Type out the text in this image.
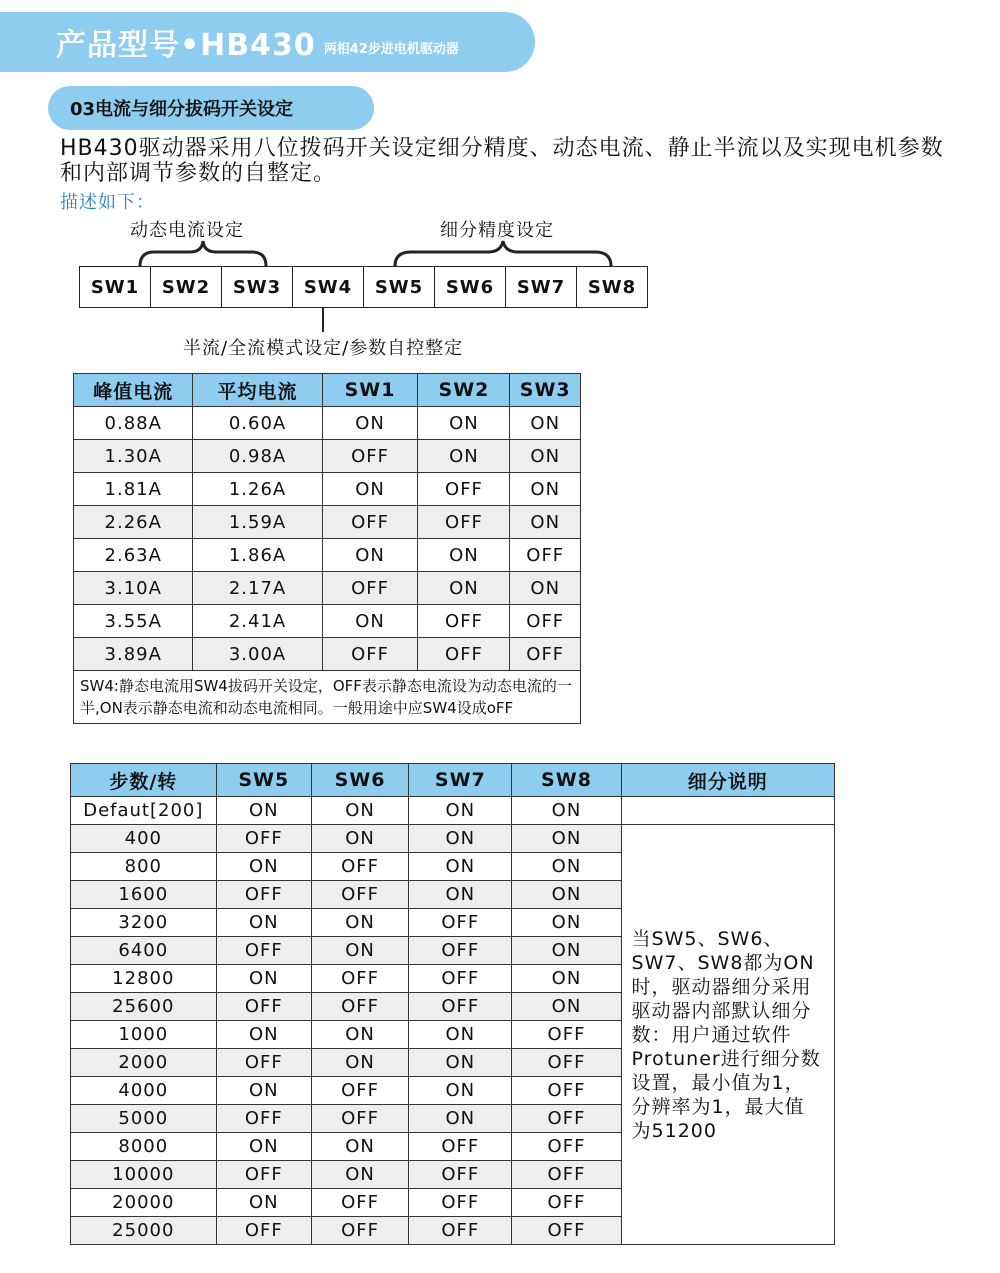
产品型号•HB430 两相42步进电机驱动器
03电流与细分拔码开关设定
HB430驱动器采用八位拨码开关设定细分精度、动态电流、静止半流以及实现电机参数和内部调节参数的自整定。
描述如下：
动态电流设定	细分精度设定
SW1	SW2	SW3	SW4	SW5	SW6	SW7	SW8
半流/全流模式设定/参数自控整定
峰值电流	平均电流	SW1	SW2	SW3
0.88A	0.60A	ON	ON	ON
1.30A	0.98A	OFF	ON	ON
1.81A	1.26A	ON	OFF	ON
2.26A	1.59A	OFF	OFF	ON
2.63A	1.86A	ON	ON	OFF
3.10A	2.17A	OFF	ON	ON
3.55A	2.41A	ON	OFF	OFF
3.89A	3.00A	OFF	OFF	OFF
SW4:静态电流用SW4拔码开关设定，OFF表示静态电流设为动态电流的一半,ON表示静态电流和动态电流相同。一般用途中应SW4设成oFF				
步数/转	SW5	SW6	SW7	SW8	细分说明
Defaut[200]	ON	ON	ON	ON	
400	OFF	ON	ON	ON	当SW5、SW6、SW7、SW8都为ON时，驱动器细分采用驱动器内部默认细分数：用户通过软件Protuner进行细分数设置，最小值为1，分辨率为1，最大值为51200
800	ON	OFF	ON	ON	
1600	OFF	OFF	ON	ON	
3200	ON	ON	OFF	ON	
6400	OFF	ON	OFF	ON	
12800	ON	OFF	OFF	ON	
25600	OFF	OFF	OFF	ON	
1000	ON	ON	ON	OFF	
2000	OFF	ON	ON	OFF	
4000	ON	OFF	ON	OFF	
5000	OFF	OFF	ON	OFF	
8000	ON	ON	OFF	OFF	
10000	OFF	ON	OFF	OFF	
20000	ON	OFF	OFF	OFF	
25000	OFF	OFF	OFF	OFF	
